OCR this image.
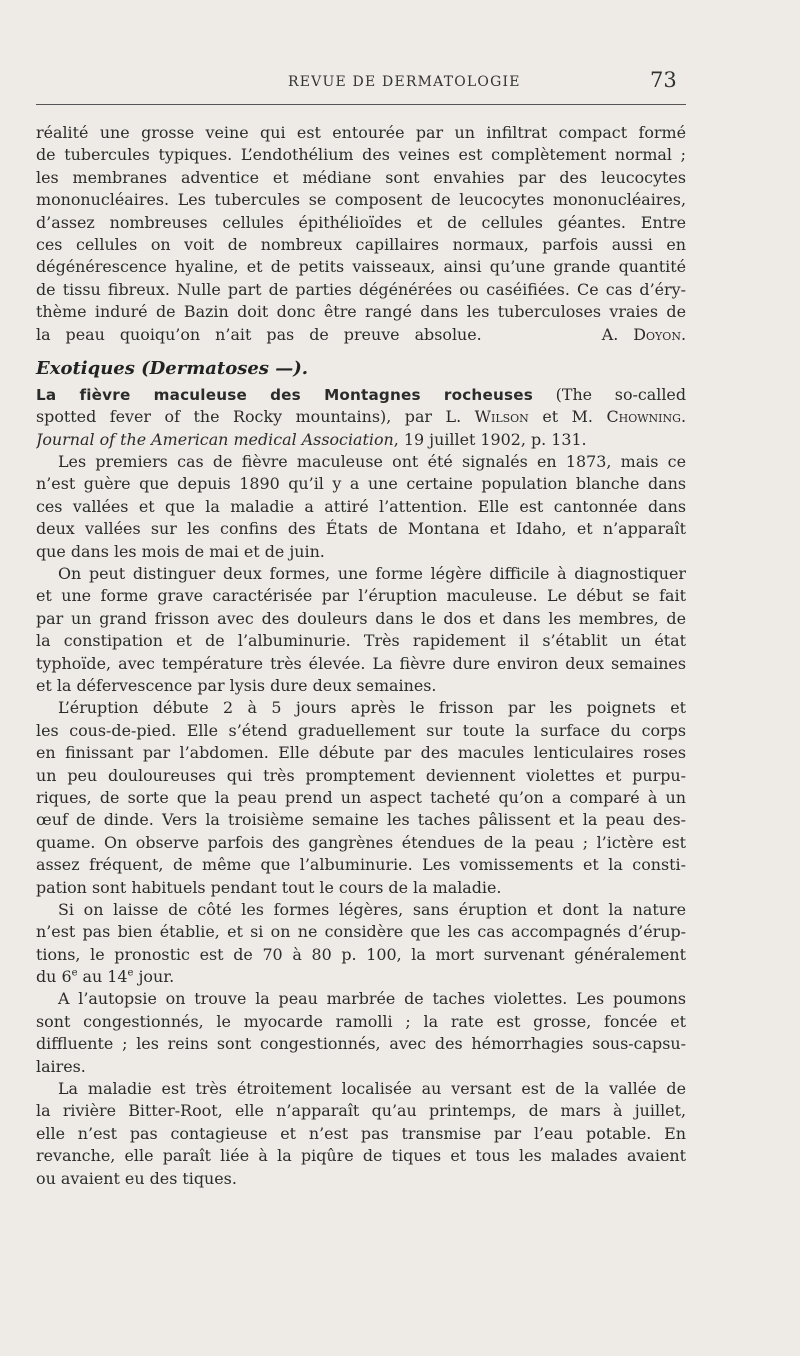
REVUE DE DERMATOLOGIE	73
réalité une grosse veine qui est entourée par un infiltrat compact formé
de tubercules typiques. L’endothélium des veines est complètement normal ;
les membranes adventice et médiane sont envahies par des leucocytes
mononucléaires. Les tubercules se composent de leucocytes mononucléaires,
d’assez nombreuses cellules épithélioïdes et de cellules géantes. Entre
ces cellules on voit de nombreux capillaires normaux, parfois aussi en
dégénérescence hyaline, et de petits vaisseaux, ainsi qu’une grande quantité
de tissu fibreux. Nulle part de parties dégénérées ou caséifiées. Ce cas d’éry-
thème induré de Bazin doit donc être rangé dans les tuberculoses vraies de
la peau quoiqu’on n’ait pas de preuve absolue.	A. Doyon.
Exotiques (Dermatoses —).
La fièvre maculeuse des Montagnes rocheuses (The so-called
spotted fever of the Rocky mountains), par L. Wilson et M. Chowning.
Journal of the American medical Association, 19 juillet 1902, p. 131.
Les premiers cas de fièvre maculeuse ont été signalés en 1873, mais ce
n’est guère que depuis 1890 qu’il y a une certaine population blanche dans
ces vallées et que la maladie a attiré l’attention. Elle est cantonnée dans
deux vallées sur les confins des États de Montana et Idaho, et n’apparaît
que dans les mois de mai et de juin.
On peut distinguer deux formes, une forme légère difficile à diagnostiquer
et une forme grave caractérisée par l’éruption maculeuse. Le début se fait
par un grand frisson avec des douleurs dans le dos et dans les membres, de
la constipation et de l’albuminurie. Très rapidement il s’établit un état
typhoïde, avec température très élevée. La fièvre dure environ deux semaines
et la défervescence par lysis dure deux semaines.
L’éruption débute 2 à 5 jours après le frisson par les poignets et
les cous-de-pied. Elle s’étend graduellement sur toute la surface du corps
en finissant par l’abdomen. Elle débute par des macules lenticulaires roses
un peu douloureuses qui très promptement deviennent violettes et purpu-
riques, de sorte que la peau prend un aspect tacheté qu’on a comparé à un
œuf de dinde. Vers la troisième semaine les taches pâlissent et la peau des-
quame. On observe parfois des gangrènes étendues de la peau ; l’ictère est
assez fréquent, de même que l’albuminurie. Les vomissements et la consti-
pation sont habituels pendant tout le cours de la maladie.
Si on laisse de côté les formes légères, sans éruption et dont la nature
n’est pas bien établie, et si on ne considère que les cas accompagnés d’érup-
tions, le pronostic est de 70 à 80 p. 100, la mort survenant généralement
du 6e au 14e jour.
A l’autopsie on trouve la peau marbrée de taches violettes. Les poumons
sont congestionnés, le myocarde ramolli ; la rate est grosse, foncée et
diffluente ; les reins sont congestionnés, avec des hémorrhagies sous-capsu-
laires.
La maladie est très étroitement localisée au versant est de la vallée de
la rivière Bitter-Root, elle n’apparaît qu’au printemps, de mars à juillet,
elle n’est pas contagieuse et n’est pas transmise par l’eau potable. En
revanche, elle paraît liée à la piqûre de tiques et tous les malades avaient
ou avaient eu des tiques.
